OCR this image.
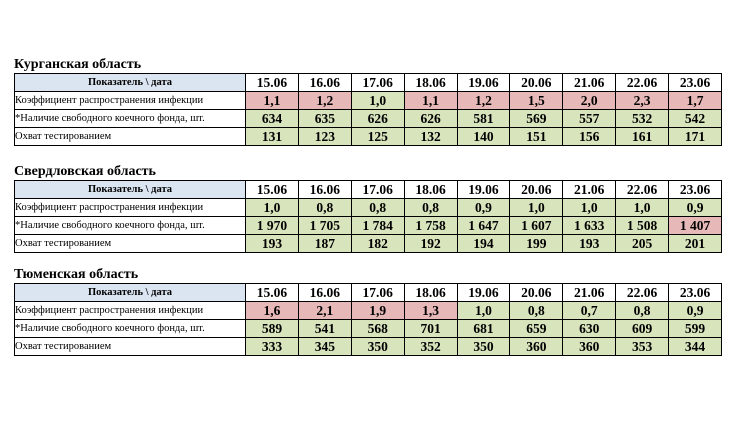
Курганская область
Показатель \ дата	15.06	16.06	17.06	18.06	19.06	20.06	21.06	22.06	23.06
Коэффициент распространения инфекции	1,1	1,2	1,0	1,1	1,2	1,5	2,0	2,3	1,7
*Наличие свободного коечного фонда, шт.	634	635	626	626	581	569	557	532	542
Охват тестированием	131	123	125	132	140	151	156	161	171
Свердловская область
Показатель \ дата	15.06	16.06	17.06	18.06	19.06	20.06	21.06	22.06	23.06
Коэффициент распространения инфекции	1,0	0,8	0,8	0,8	0,9	1,0	1,0	1,0	0,9
*Наличие свободного коечного фонда, шт.	1 970	1 705	1 784	1 758	1 647	1 607	1 633	1 508	1 407
Охват тестированием	193	187	182	192	194	199	193	205	201
Тюменская область
Показатель \ дата	15.06	16.06	17.06	18.06	19.06	20.06	21.06	22.06	23.06
Коэффициент распространения инфекции	1,6	2,1	1,9	1,3	1,0	0,8	0,7	0,8	0,9
*Наличие свободного коечного фонда, шт.	589	541	568	701	681	659	630	609	599
Охват тестированием	333	345	350	352	350	360	360	353	344
